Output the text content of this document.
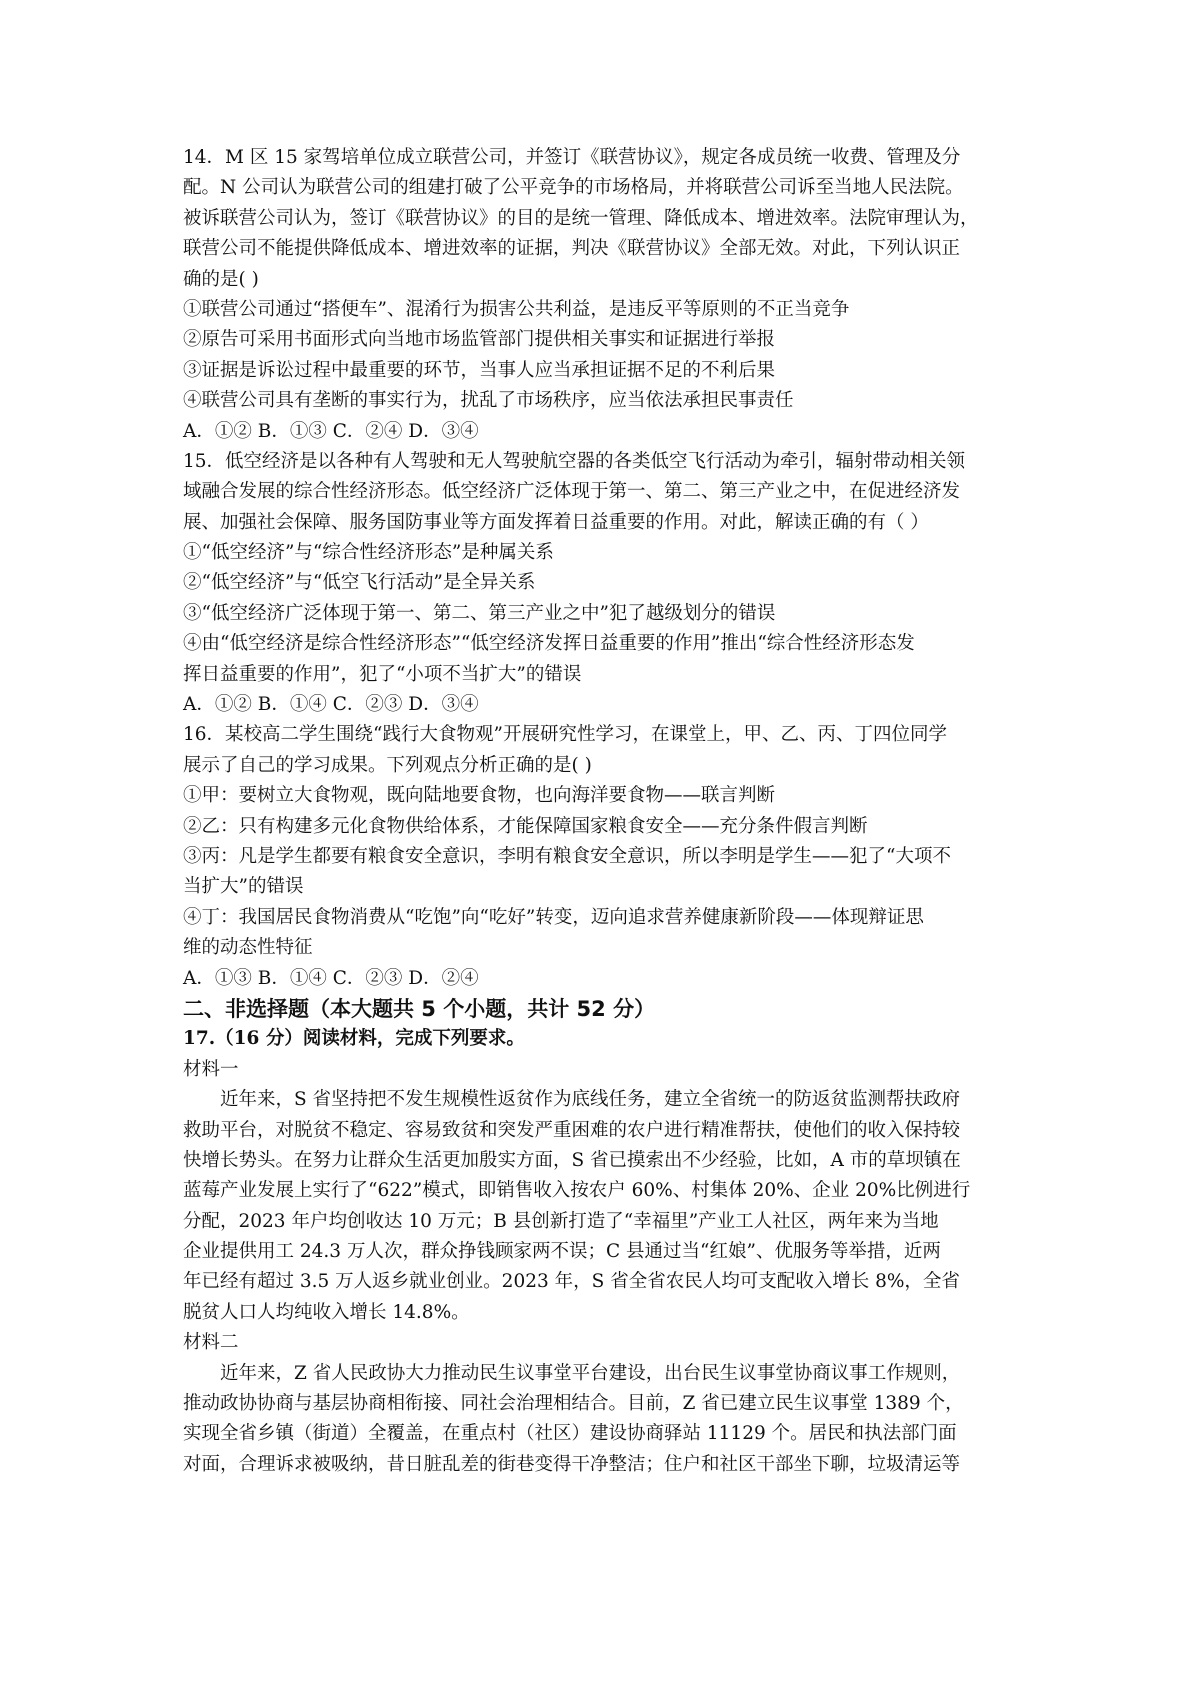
14．M 区 15 家驾培单位成立联营公司，并签订《联营协议》，规定各成员统一收费、管理及分
配。N 公司认为联营公司的组建打破了公平竞争的市场格局，并将联营公司诉至当地人民法院。
被诉联营公司认为，签订《联营协议》的目的是统一管理、降低成本、增进效率。法院审理认为，
联营公司不能提供降低成本、增进效率的证据，判决《联营协议》全部无效。对此，下列认识正
确的是( )
①联营公司通过“搭便车”、混淆行为损害公共利益，是违反平等原则的不正当竞争
②原告可采用书面形式向当地市场监管部门提供相关事实和证据进行举报
③证据是诉讼过程中最重要的环节，当事人应当承担证据不足的不利后果
④联营公司具有垄断的事实行为，扰乱了市场秩序，应当依法承担民事责任
A．①② B．①③ C．②④ D．③④
15．低空经济是以各种有人驾驶和无人驾驶航空器的各类低空飞行活动为牵引，辐射带动相关领
域融合发展的综合性经济形态。低空经济广泛体现于第一、第二、第三产业之中，在促进经济发
展、加强社会保障、服务国防事业等方面发挥着日益重要的作用。对此，解读正确的有（ ）
①“低空经济”与“综合性经济形态”是种属关系
②“低空经济”与“低空飞行活动”是全异关系
③“低空经济广泛体现于第一、第二、第三产业之中”犯了越级划分的错误
④由“低空经济是综合性经济形态”“低空经济发挥日益重要的作用”推出“综合性经济形态发
挥日益重要的作用”，犯了“小项不当扩大”的错误
A．①② B．①④ C．②③ D．③④
16．某校高二学生围绕“践行大食物观”开展研究性学习，在课堂上，甲、乙、丙、丁四位同学
展示了自己的学习成果。下列观点分析正确的是( )
①甲：要树立大食物观，既向陆地要食物，也向海洋要食物——联言判断
②乙：只有构建多元化食物供给体系，才能保障国家粮食安全——充分条件假言判断
③丙：凡是学生都要有粮食安全意识，李明有粮食安全意识，所以李明是学生——犯了“大项不
当扩大”的错误
④丁：我国居民食物消费从“吃饱”向“吃好”转变，迈向追求营养健康新阶段——体现辩证思
维的动态性特征
A．①③ B．①④ C．②③ D．②④
二、非选择题（本大题共 5 个小题，共计 52 分）
17.（16 分）阅读材料，完成下列要求。
材料一
近年来，S 省坚持把不发生规模性返贫作为底线任务，建立全省统一的防返贫监测帮扶政府
救助平台，对脱贫不稳定、容易致贫和突发严重困难的农户进行精准帮扶，使他们的收入保持较
快增长势头。在努力让群众生活更加殷实方面，S 省已摸索出不少经验，比如，A 市的草坝镇在
蓝莓产业发展上实行了“622”模式，即销售收入按农户 60%、村集体 20%、企业 20%比例进行
分配，2023 年户均创收达 10 万元；B 县创新打造了“幸福里”产业工人社区，两年来为当地
企业提供用工 24.3 万人次，群众挣钱顾家两不误；C 县通过当“红娘”、优服务等举措，近两
年已经有超过 3.5 万人返乡就业创业。2023 年，S 省全省农民人均可支配收入增长 8%，全省
脱贫人口人均纯收入增长 14.8%。
材料二
近年来，Z 省人民政协大力推动民生议事堂平台建设，出台民生议事堂协商议事工作规则，
推动政协协商与基层协商相衔接、同社会治理相结合。目前，Z 省已建立民生议事堂 1389 个，
实现全省乡镇（街道）全覆盖，在重点村（社区）建设协商驿站 11129 个。居民和执法部门面
对面，合理诉求被吸纳，昔日脏乱差的街巷变得干净整洁；住户和社区干部坐下聊，垃圾清运等
